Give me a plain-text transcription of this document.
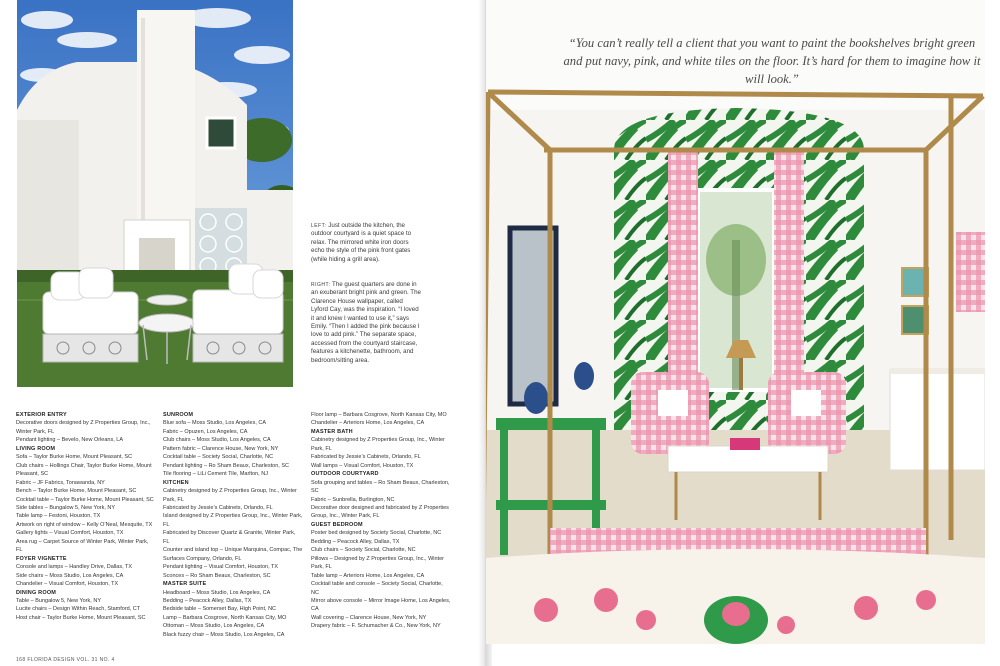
LEFT: Just outside the kitchen, the outdoor courtyard is a quiet space to relax. The mirrored white iron doors echo the style of the pink front gates (while hiding a grill area).
RIGHT: The guest quarters are done in an exuberant bright pink and green. The Clarence House wallpaper, called Lyford Cay, was the inspiration. “I loved it and knew I wanted to use it,” says Emily. “Then I added the pink because I love to add pink.” The separate space, accessed from the courtyard staircase, features a kitchenette, bathroom, and bedroom/sitting area.
EXTERIOR ENTRY
Decorative doors designed by Z Properties Group, Inc., Winter Park, FL
Pendant lighting – Bevelo, New Orleans, LA
LIVING ROOM
Sofa – Taylor Burke Home, Mount Pleasant, SC
Club chairs – Hollings Chair, Taylor Burke Home, Mount Pleasant, SC
Fabric – JF Fabrics, Tonawanda, NY
Bench – Taylor Burke Home, Mount Pleasant, SC
Cocktail table – Taylor Burke Home, Mount Pleasant, SC
Side tables – Bungalow 5, New York, NY
Table lamp – Festoni, Houston, TX
Artwork on right of window – Kelly O’Neal, Mesquite, TX
Gallery lights – Visual Comfort, Houston, TX
Area rug – Carpet Source of Winter Park, Winter Park, FL
FOYER VIGNETTE
Console and lamps – Handley Drive, Dallas, TX
Side chairs – Moss Studio, Los Angeles, CA
Chandelier – Visual Comfort, Houston, TX
DINING ROOM
Table – Bungalow 5, New York, NY
Lucite chairs – Design Within Reach, Stamford, CT
Host chair – Taylor Burke Home, Mount Pleasant, SC
SUNROOM
Blue sofa – Moss Studio, Los Angeles, CA
Fabric – Opuzen, Los Angeles, CA
Club chairs – Moss Studio, Los Angeles, CA
Pattern fabric – Clarence House, New York, NY
Cocktail table – Society Social, Charlotte, NC
Pendant lighting – Ro Sham Beaux, Charleston, SC
Tile flooring – LiLi Cement Tile, Marlton, NJ
KITCHEN
Cabinetry designed by Z Properties Group, Inc., Winter Park, FL
Fabricated by Jessie’s Cabinets, Orlando, FL
Island designed by Z Properties Group, Inc., Winter Park, FL
Fabricated by Discover Quartz & Granite, Winter Park, FL
Counter and island top – Unique Marquina, Compac, The Surfaces Company, Orlando, FL
Pendant lighting – Visual Comfort, Houston, TX
Sconces – Ro Sham Beaux, Charleston, SC
MASTER SUITE
Headboard – Moss Studio, Los Angeles, CA
Bedding – Peacock Alley, Dallas, TX
Bedside table – Somerset Bay, High Point, NC
Lamp – Barbara Cosgrove, North Kansas City, MO
Ottoman – Moss Studio, Los Angeles, CA
Black fuzzy chair – Moss Studio, Los Angeles, CA
Floor lamp – Barbara Cosgrove, North Kansas City, MO
Chandelier – Arteriors Home, Los Angeles, CA
MASTER BATH
Cabinetry designed by Z Properties Group, Inc., Winter Park, FL
Fabricated by Jessie’s Cabinets, Orlando, FL
Wall lamps – Visual Comfort, Houston, TX
OUTDOOR COURTYARD
Sofa grouping and tables – Ro Sham Beaux, Charleston, SC
Fabric – Sunbrella, Burlington, NC
Decorative door designed and fabricated by Z Properties Group, Inc., Winter Park, FL
GUEST BEDROOM
Poster bed designed by Society Social, Charlotte, NC
Bedding – Peacock Alley, Dallas, TX
Club chairs – Society Social, Charlotte, NC
Pillows – Designed by Z Properties Group, Inc., Winter Park, FL
Table lamp – Arteriors Home, Los Angeles, CA
Cocktail table and console – Society Social, Charlotte, NC
Mirror above console – Mirror Image Home, Los Angeles, CA
Wall covering – Clarence House, New York, NY
Drapery fabric – F. Schumacher & Co., New York, NY
168 FLORIDA DESIGN VOL. 31 NO. 4
“You can’t really tell a client that you want to paint the bookshelves bright green and put navy, pink, and white tiles on the floor. It’s hard for them to imagine how it will look.”
